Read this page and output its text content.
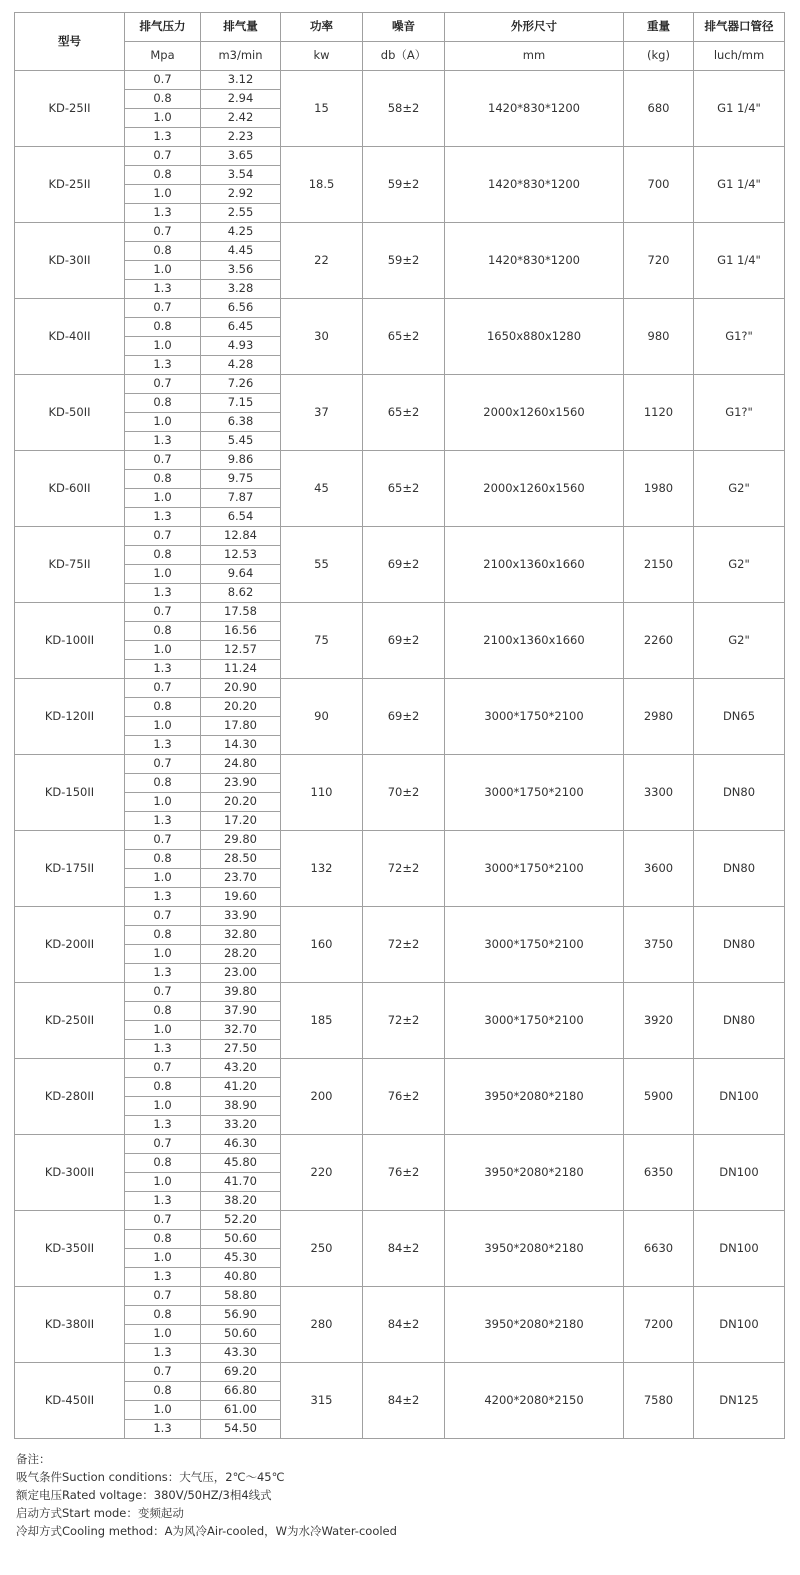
型号	排气压力	排气量	功率	噪音	外形尺寸	重量	排气器口管径
	Mpa	m3/min	kw	db（A）	mm	(kg)	luch/mm
KD-25II	0.7	3.12	15	58±2	1420*830*1200	680	G1 1/4"
	0.8	2.94					
	1.0	2.42					
	1.3	2.23					
KD-25II	0.7	3.65	18.5	59±2	1420*830*1200	700	G1 1/4"
	0.8	3.54					
	1.0	2.92					
	1.3	2.55					
KD-30II	0.7	4.25	22	59±2	1420*830*1200	720	G1 1/4"
	0.8	4.45					
	1.0	3.56					
	1.3	3.28					
KD-40II	0.7	6.56	30	65±2	1650x880x1280	980	G1?"
	0.8	6.45					
	1.0	4.93					
	1.3	4.28					
KD-50II	0.7	7.26	37	65±2	2000x1260x1560	1120	G1?"
	0.8	7.15					
	1.0	6.38					
	1.3	5.45					
KD-60II	0.7	9.86	45	65±2	2000x1260x1560	1980	G2"
	0.8	9.75					
	1.0	7.87					
	1.3	6.54					
KD-75II	0.7	12.84	55	69±2	2100x1360x1660	2150	G2"
	0.8	12.53					
	1.0	9.64					
	1.3	8.62					
KD-100II	0.7	17.58	75	69±2	2100x1360x1660	2260	G2"
	0.8	16.56					
	1.0	12.57					
	1.3	11.24					
KD-120II	0.7	20.90	90	69±2	3000*1750*2100	2980	DN65
	0.8	20.20					
	1.0	17.80					
	1.3	14.30					
KD-150II	0.7	24.80	110	70±2	3000*1750*2100	3300	DN80
	0.8	23.90					
	1.0	20.20					
	1.3	17.20					
KD-175II	0.7	29.80	132	72±2	3000*1750*2100	3600	DN80
	0.8	28.50					
	1.0	23.70					
	1.3	19.60					
KD-200II	0.7	33.90	160	72±2	3000*1750*2100	3750	DN80
	0.8	32.80					
	1.0	28.20					
	1.3	23.00					
KD-250II	0.7	39.80	185	72±2	3000*1750*2100	3920	DN80
	0.8	37.90					
	1.0	32.70					
	1.3	27.50					
KD-280II	0.7	43.20	200	76±2	3950*2080*2180	5900	DN100
	0.8	41.20					
	1.0	38.90					
	1.3	33.20					
KD-300II	0.7	46.30	220	76±2	3950*2080*2180	6350	DN100
	0.8	45.80					
	1.0	41.70					
	1.3	38.20					
KD-350II	0.7	52.20	250	84±2	3950*2080*2180	6630	DN100
	0.8	50.60					
	1.0	45.30					
	1.3	40.80					
KD-380II	0.7	58.80	280	84±2	3950*2080*2180	7200	DN100
	0.8	56.90					
	1.0	50.60					
	1.3	43.30					
KD-450II	0.7	69.20	315	84±2	4200*2080*2150	7580	DN125
	0.8	66.80					
	1.0	61.00					
	1.3	54.50					
备注：
吸气条件Suction conditions：大气压，2℃～45℃
额定电压Rated voltage：380V/50HZ/3相4线式
启动方式Start mode：变频起动
冷却方式Cooling method：A为风冷Air-cooled，W为水冷Water-cooled
